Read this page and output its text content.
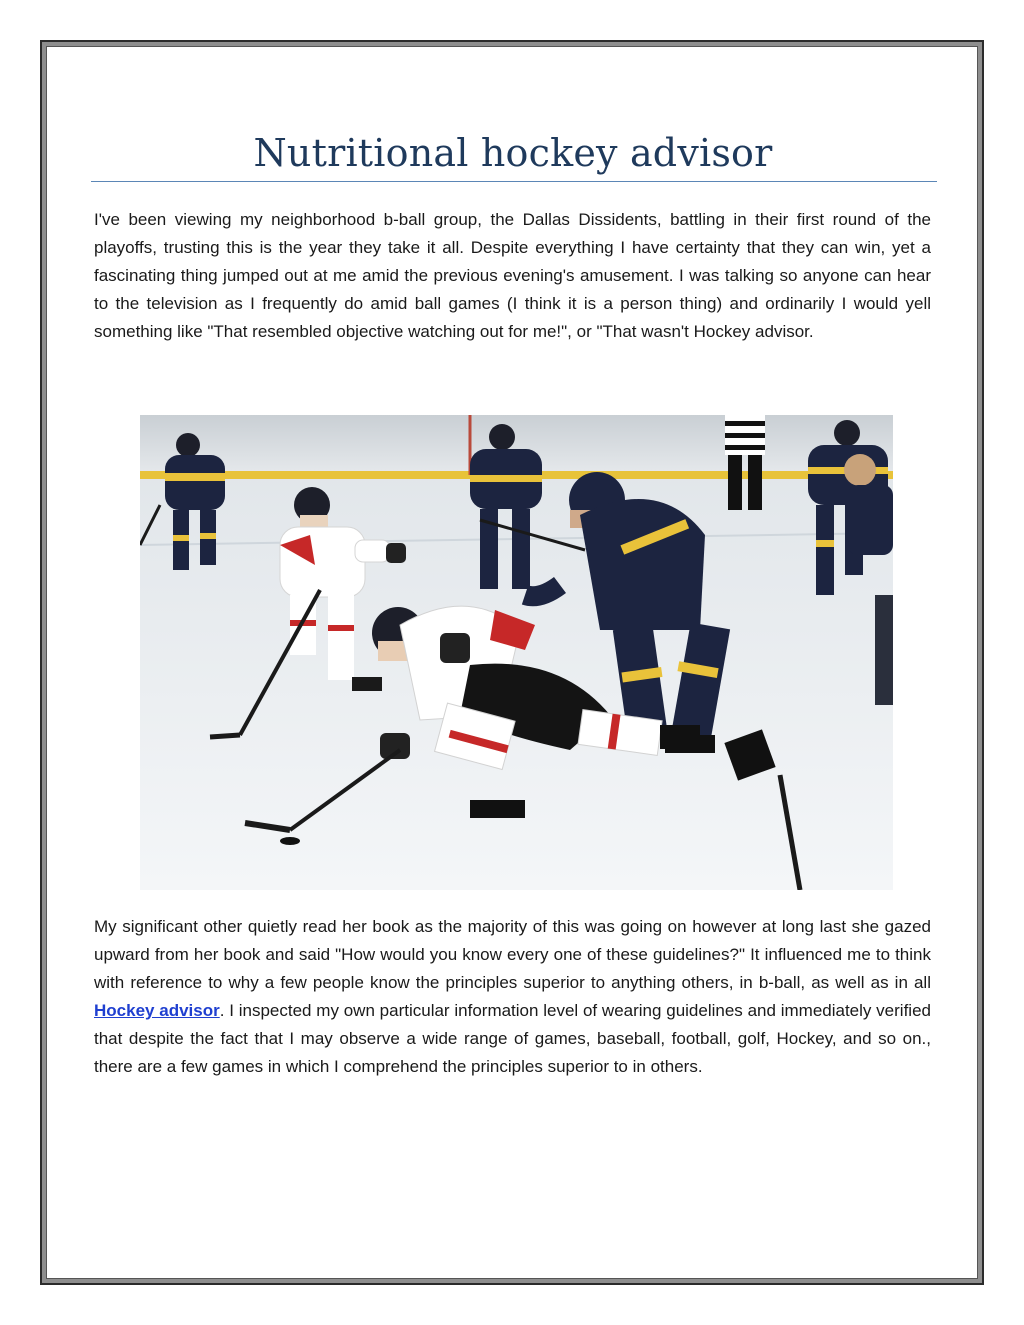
Nutritional hockey advisor

I've been viewing my neighborhood b-ball group, the Dallas Dissidents, battling in their first round of the playoffs, trusting this is the year they take it all. Despite everything I have certainty that they can win, yet a fascinating thing jumped out at me amid the previous evening's amusement. I was talking so anyone can hear to the television as I frequently do amid ball games (I think it is a person thing) and ordinarily I would yell something like "That resembled objective watching out for me!", or "That wasn't Hockey advisor.

My significant other quietly read her book as the majority of this was going on however at long last she gazed upward from her book and said "How would you know every one of these guidelines?" It influenced me to think with reference to why a few people know the principles superior to anything others, in b-ball, as well as in all Hockey advisor. I inspected my own particular information level of wearing guidelines and immediately verified that despite the fact that I may observe a wide range of games, baseball, football, golf, Hockey, and so on., there are a few games in which I comprehend the principles superior to in others.
